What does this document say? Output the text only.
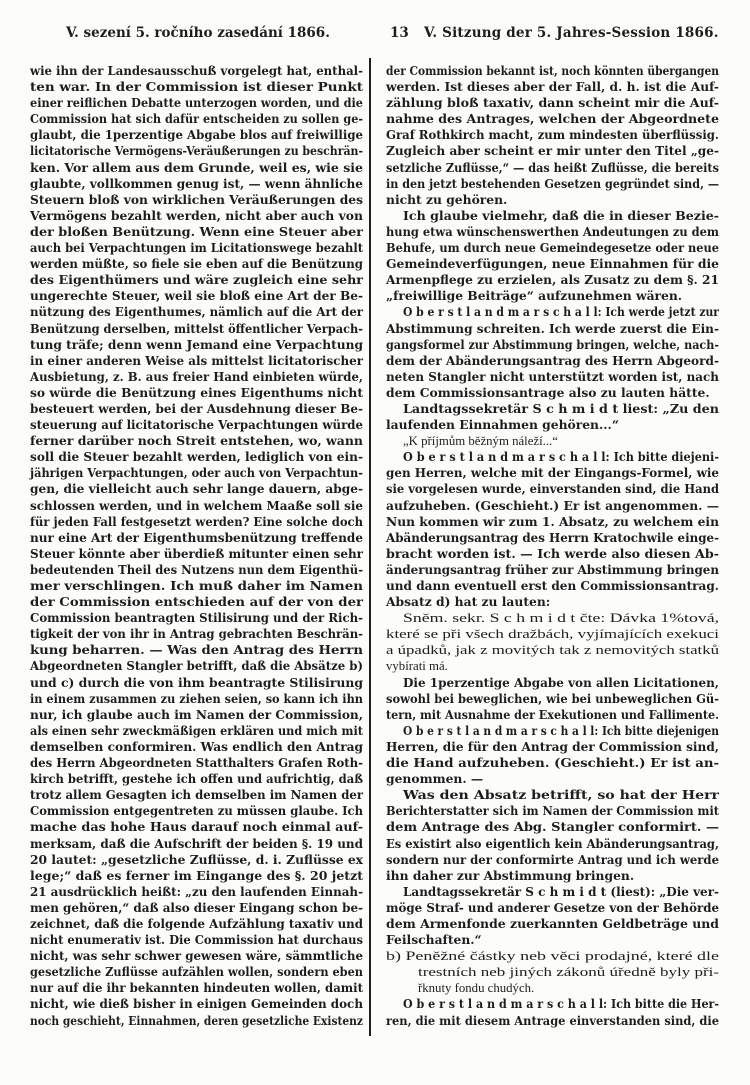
V. sezení 5. ročního zasedání 1866.	13 V. Sitzung der 5. Jahres-Session 1866.
wie ihn der Landesausschuß vorgelegt hat, enthal-
ten war. In der Commission ist dieser Punkt
einer reiflichen Debatte unterzogen worden, und die
Commission hat sich dafür entscheiden zu sollen ge-
glaubt, die 1perzentige Abgabe blos auf freiwillige
licitatorische Vermögens-Veräußerungen zu beschrän-
ken. Vor allem aus dem Grunde, weil es, wie sie
glaubte, vollkommen genug ist, — wenn ähnliche
Steuern bloß von wirklichen Veräußerungen des
Vermögens bezahlt werden, nicht aber auch von
der bloßen Benützung. Wenn eine Steuer aber
auch bei Verpachtungen im Licitationswege bezahlt
werden müßte, so fiele sie eben auf die Benützung
des Eigenthümers und wäre zugleich eine sehr
ungerechte Steuer, weil sie bloß eine Art der Be-
nützung des Eigenthumes, nämlich auf die Art der
Benützung derselben, mittelst öffentlicher Verpach-
tung träfe; denn wenn Jemand eine Verpachtung
in einer anderen Weise als mittelst licitatorischer
Ausbietung, z. B. aus freier Hand einbieten würde,
so würde die Benützung eines Eigenthums nicht
besteuert werden, bei der Ausdehnung dieser Be-
steuerung auf licitatorische Verpachtungen würde
ferner darüber noch Streit entstehen, wo, wann
soll die Steuer bezahlt werden, lediglich von ein-
jährigen Verpachtungen, oder auch von Verpachtun-
gen, die vielleicht auch sehr lange dauern, abge-
schlossen werden, und in welchem Maaße soll sie
für jeden Fall festgesetzt werden? Eine solche doch
nur eine Art der Eigenthumsbenützung treffende
Steuer könnte aber überdieß mitunter einen sehr
bedeutenden Theil des Nutzens nun dem Eigenthü-
mer verschlingen. Ich muß daher im Namen
der Commission entschieden auf der von der
Commission beantragten Stilisirung und der Rich-
tigkeit der von ihr in Antrag gebrachten Beschrän-
kung beharren. — Was den Antrag des Herrn
Abgeordneten Stangler betrifft, daß die Absätze b)
und c) durch die von ihm beantragte Stilisirung
in einem zusammen zu ziehen seien, so kann ich ihn
nur, ich glaube auch im Namen der Commission,
als einen sehr zweckmäßigen erklären und mich mit
demselben conformiren. Was endlich den Antrag
des Herrn Abgeordneten Statthalters Grafen Roth-
kirch betrifft, gestehe ich offen und aufrichtig, daß
trotz allem Gesagten ich demselben im Namen der
Commission entgegentreten zu müssen glaube. Ich
mache das hohe Haus darauf noch einmal auf-
merksam, daß die Aufschrift der beiden §. 19 und
20 lautet: „gesetzliche Zuflüsse, d. i. Zuflüsse ex
lege;“ daß es ferner im Eingange des §. 20 jetzt
21 ausdrücklich heißt: „zu den laufenden Einnah-
men gehören,“ daß also dieser Eingang schon be-
zeichnet, daß die folgende Aufzählung taxativ und
nicht enumerativ ist. Die Commission hat durchaus
nicht, was sehr schwer gewesen wäre, sämmtliche
gesetzliche Zuflüsse aufzählen wollen, sondern eben
nur auf die ihr bekannten hindeuten wollen, damit
nicht, wie dieß bisher in einigen Gemeinden doch
noch geschieht, Einnahmen, deren gesetzliche Existenz
der Commission bekannt ist, noch könnten übergangen
werden. Ist dieses aber der Fall, d. h. ist die Auf-
zählung bloß taxativ, dann scheint mir die Auf-
nahme des Antrages, welchen der Abgeordnete
Graf Rothkirch macht, zum mindesten überflüssig.
Zugleich aber scheint er mir unter den Titel „ge-
setzliche Zuflüsse,“ — das heißt Zuflüsse, die bereits
in den jetzt bestehenden Gesetzen gegründet sind, —
nicht zu gehören.
Ich glaube vielmehr, daß die in dieser Bezie-
hung etwa wünschenswerthen Andeutungen zu dem
Behufe, um durch neue Gemeindegesetze oder neue
Gemeindeverfügungen, neue Einnahmen für die
Armenpflege zu erzielen, als Zusatz zu dem §. 21
„freiwillige Beiträge“ aufzunehmen wären.
O b e r s t l a n d m a r s c h a l l: Ich werde jetzt zur
Abstimmung schreiten. Ich werde zuerst die Ein-
gangsformel zur Abstimmung bringen, welche, nach-
dem der Abänderungsantrag des Herrn Abgeord-
neten Stangler nicht unterstützt worden ist, nach
dem Commissionsantrage also zu lauten hätte.
Landtagssekretär S c h m i d t liest: „Zu den
laufenden Einnahmen gehören...“
„K příjmům běžným náleží...“
O b e r s t l a n d m a r s c h a l l: Ich bitte diejeni-
gen Herren, welche mit der Eingangs-Formel, wie
sie vorgelesen wurde, einverstanden sind, die Hand
aufzuheben. (Geschieht.) Er ist angenommen. —
Nun kommen wir zum 1. Absatz, zu welchem ein
Abänderungsantrag des Herrn Kratochwile einge-
bracht worden ist. — Ich werde also diesen Ab-
änderungsantrag früher zur Abstimmung bringen
und dann eventuell erst den Commissionsantrag.
Absatz d) hat zu lauten:
Sněm. sekr. S c h m i d t čte: Dávka 1%tová,
které se při všech dražbách, vyjímajících exekuci
a úpadků, jak z movitých tak z nemovitých statků
vybírati má.
Die 1perzentige Abgabe von allen Licitationen,
sowohl bei beweglichen, wie bei unbeweglichen Gü-
tern, mit Ausnahme der Exekutionen und Fallimente.
O b e r s t l a n d m a r s c h a l l: Ich bitte diejenigen
Herren, die für den Antrag der Commission sind,
die Hand aufzuheben. (Geschieht.) Er ist an-
genommen. —
Was den Absatz betrifft, so hat der Herr
Berichterstatter sich im Namen der Commission mit
dem Antrage des Abg. Stangler conformirt. —
Es existirt also eigentlich kein Abänderungsantrag,
sondern nur der conformirte Antrag und ich werde
ihn daher zur Abstimmung bringen.
Landtagssekretär S c h m i d t (liest): „Die ver-
möge Straf- und anderer Gesetze von der Behörde
dem Armenfonde zuerkannten Geldbeträge und
Feilschaften.“
b) Peněžné částky neb věci prodajné, které dle
trestních neb jiných zákonů úředně byly při-
řknuty fondu chudých.
O b e r s t l a n d m a r s c h a l l: Ich bitte die Her-
ren, die mit diesem Antrage einverstanden sind, die
